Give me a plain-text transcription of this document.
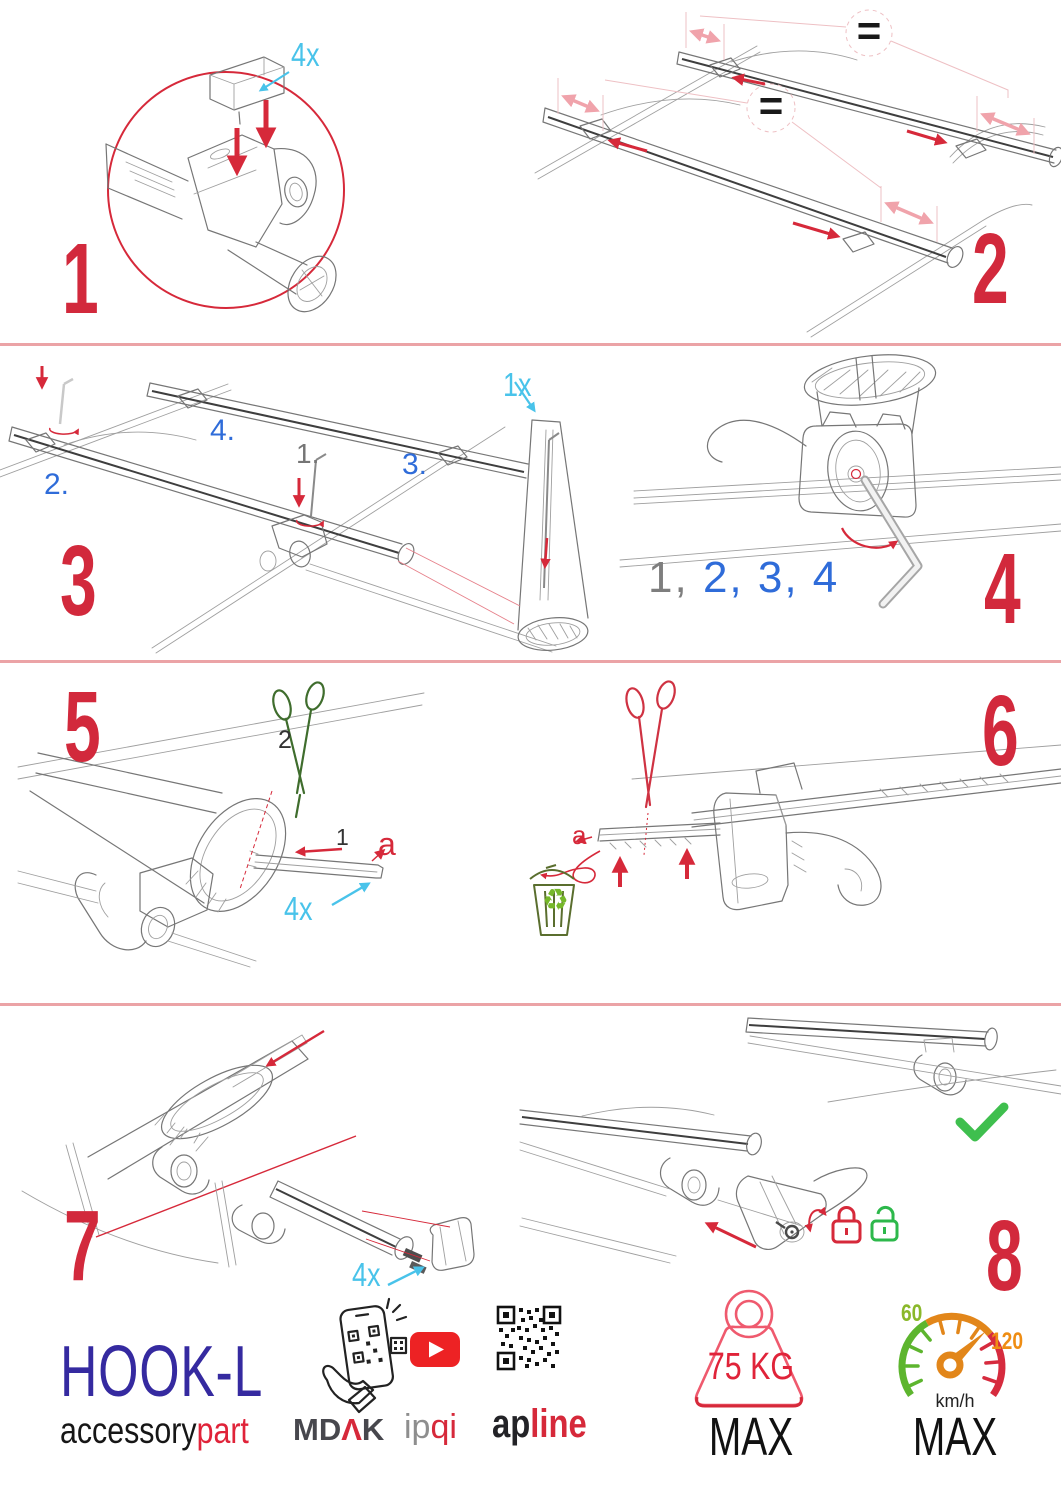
4x
1
=
=
2
1.
2.
3.
4.
1x
3	1, 2, 3, 4 4
5	2
1 a
4x
a
♻
6
4x
7	8
HOOK-L
accessorypart MDΛK ipqi apline
75 KG
MAX
60
120
km/h
MAX
